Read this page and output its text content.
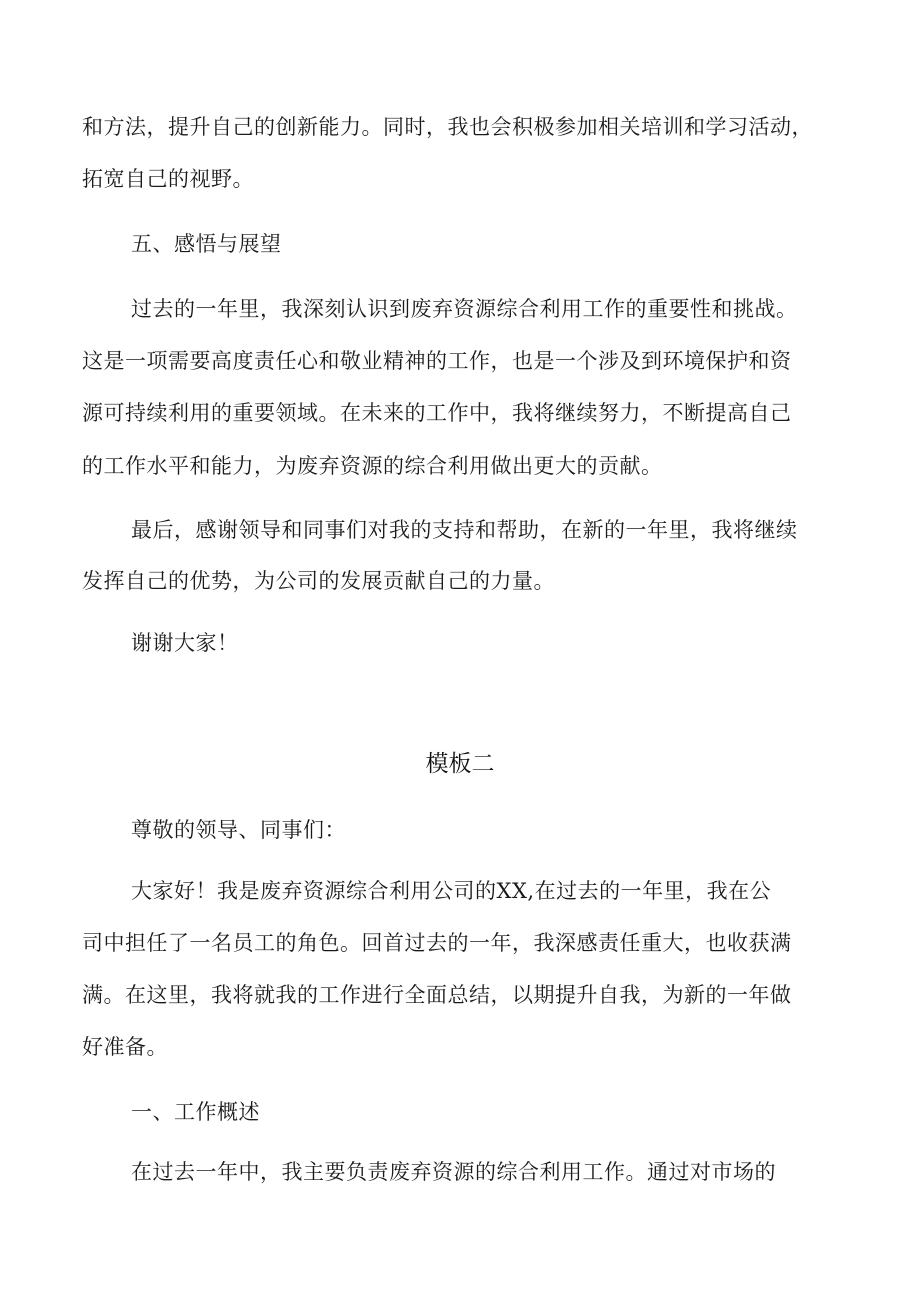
和方法，提升自己的创新能力。同时，我也会积极参加相关培训和学习活动，
拓宽自己的视野。
五、感悟与展望
过去的一年里，我深刻认识到废弃资源综合利用工作的重要性和挑战。
这是一项需要高度责任心和敬业精神的工作，也是一个涉及到环境保护和资
源可持续利用的重要领域。在未来的工作中，我将继续努力，不断提高自己
的工作水平和能力，为废弃资源的综合利用做出更大的贡献。
最后，感谢领导和同事们对我的支持和帮助，在新的一年里，我将继续
发挥自己的优势，为公司的发展贡献自己的力量。
谢谢大家！
模板二
尊敬的领导、同事们：
大家好！我是废弃资源综合利用公司的XX,在过去的一年里，我在公
司中担任了一名员工的角色。回首过去的一年，我深感责任重大，也收获满
满。在这里，我将就我的工作进行全面总结，以期提升自我，为新的一年做
好准备。
一、工作概述
在过去一年中，我主要负责废弃资源的综合利用工作。通过对市场的
